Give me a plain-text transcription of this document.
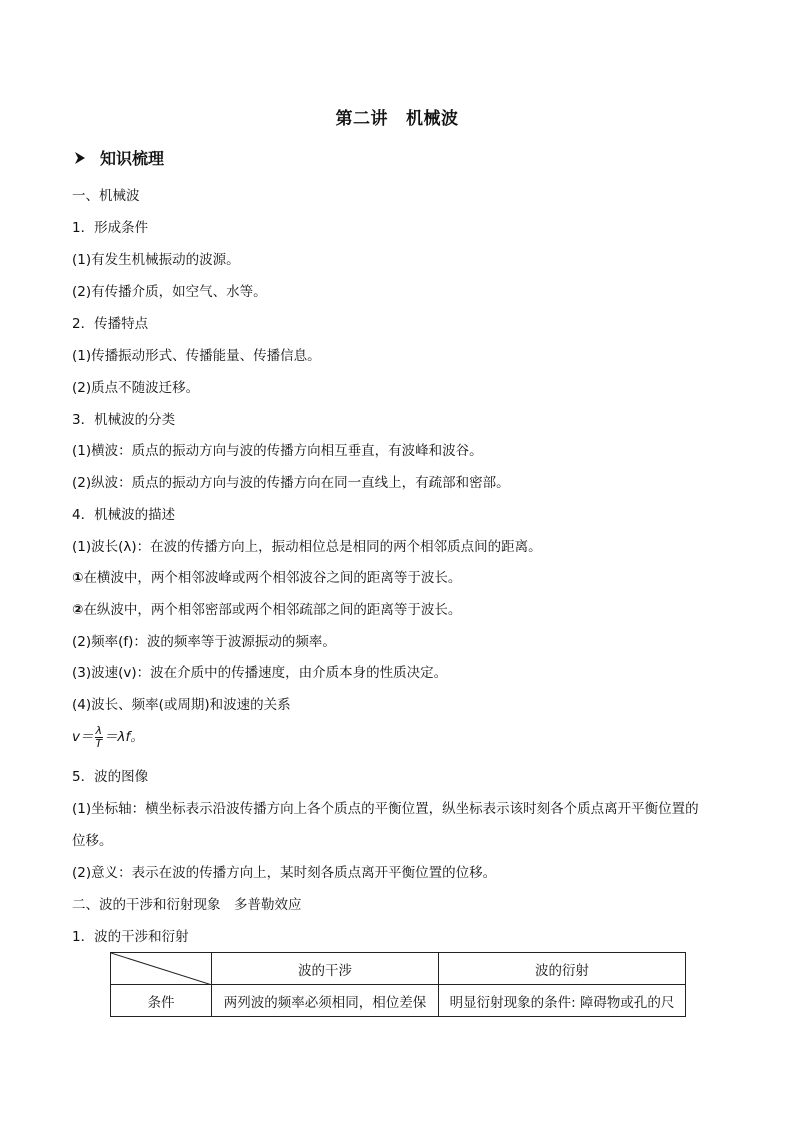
第二讲 机械波
知识梳理
一、机械波
1．形成条件
(1)有发生机械振动的波源。
(2)有传播介质，如空气、水等。
2．传播特点
(1)传播振动形式、传播能量、传播信息。
(2)质点不随波迁移。
3．机械波的分类
(1)横波：质点的振动方向与波的传播方向相互垂直，有波峰和波谷。
(2)纵波：质点的振动方向与波的传播方向在同一直线上，有疏部和密部。
4．机械波的描述
(1)波长(λ)：在波的传播方向上，振动相位总是相同的两个相邻质点间的距离。
①在横波中，两个相邻波峰或两个相邻波谷之间的距离等于波长。
②在纵波中，两个相邻密部或两个相邻疏部之间的距离等于波长。
(2)频率(f)：波的频率等于波源振动的频率。
(3)波速(v)：波在介质中的传播速度，由介质本身的性质决定。
(4)波长、频率(或周期)和波速的关系
$v= \frac{\lambda}{T} =\lambda f$。
5．波的图像
(1)坐标轴：横坐标表示沿波传播方向上各个质点的平衡位置，纵坐标表示该时刻各个质点离开平衡位置的
位移。
(2)意义：表示在波的传播方向上，某时刻各质点离开平衡位置的位移。
二、波的干涉和衍射现象　多普勒效应
1．波的干涉和衍射
	波的干涉	波的衍射
条件	两列波的频率必须相同，相位差保	明显衍射现象的条件: 障碍物或孔的尺
